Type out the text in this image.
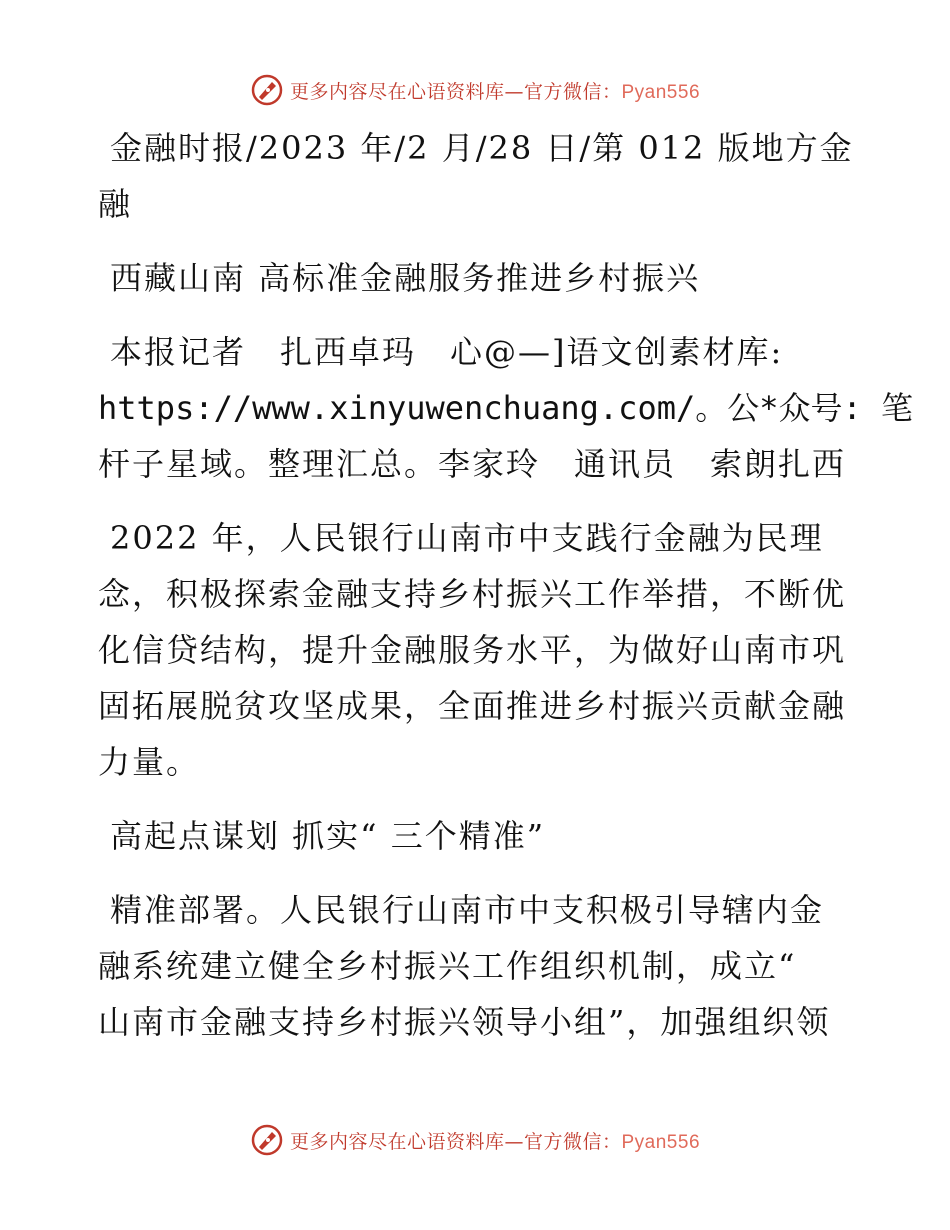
更多内容尽在心语资料库—官方微信：Pyan556
金融时报/2023 年/2 月/28 日/第 012 版地方金
融
西藏山南 高标准金融服务推进乡村振兴
本报记者　扎西卓玛　心@—]语文创素材库:
https://www.xinyuwenchuang.com/。公*众号: 笔
杆子星域。整理汇总。李家玲　通讯员　索朗扎西
2022 年，人民银行山南市中支践行金融为民理
念，积极探索金融支持乡村振兴工作举措，不断优
化信贷结构，提升金融服务水平，为做好山南市巩
固拓展脱贫攻坚成果，全面推进乡村振兴贡献金融
力量。
高起点谋划 抓实“ 三个精准”
精准部署。人民银行山南市中支积极引导辖内金
融系统建立健全乡村振兴工作组织机制，成立“
山南市金融支持乡村振兴领导小组”，加强组织领
更多内容尽在心语资料库—官方微信：Pyan556
